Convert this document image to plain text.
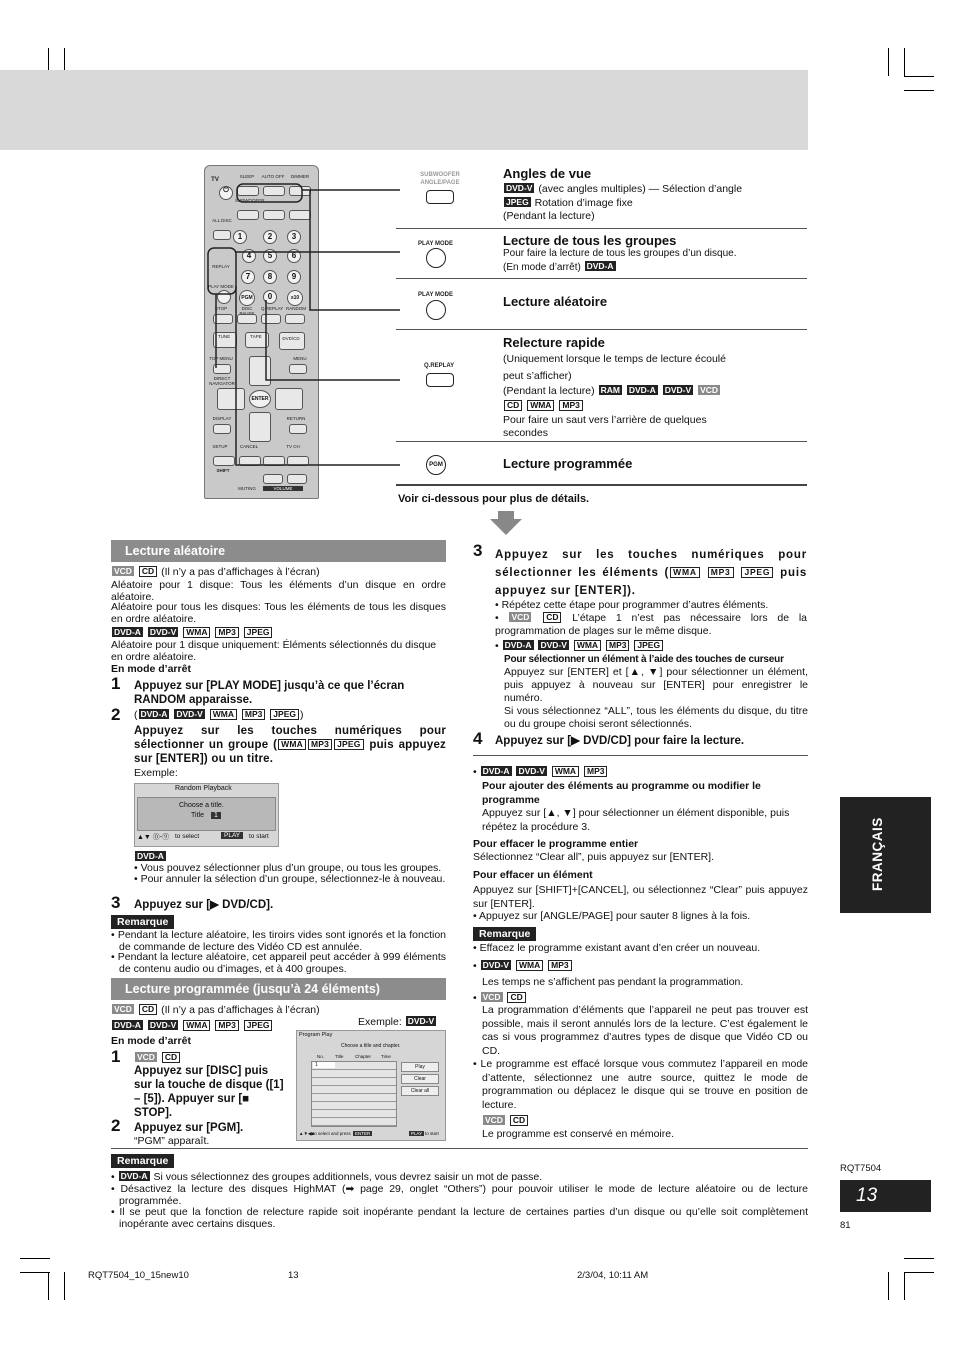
TV
⏻
SLEEP	AUTO OFF	DIMMER
SUBWOOFER
ALL DISC
1	2	3
4	5	6
REPLAY
7	8	9
PLAY MODE
PGM	0	≥10
STOP	DISC	Q.REPLAY RANDOM
DVD/CD
TUNE	TAPE
TOP MENU	MENU
DIRECT NAVIGATOR
ENTER
DISPLAY	RETURN
SETUP	CANCEL	TV CH
SHIFT
MUTING	VOLUME
SUBWOOFER
ANGLE/PAGE
Angles de vue
DVD-V (avec angles multiples) — Sélection d’angle
JPEG Rotation d’image fixe
(Pendant la lecture)
PLAY MODE	Lecture de tous les groupes
Pour faire la lecture de tous les groupes d’un disque.
(En mode d’arrêt) DVD-A
PLAY MODE	Lecture aléatoire
Q.REPLAY
Relecture rapide
(Uniquement lorsque le temps de lecture écoulé
peut s’afficher)
(Pendant la lecture) RAM DVD-A DVD-V VCD
CD WMA MP3
Pour faire un saut vers l’arrière de quelques
secondes
PGM	Lecture programmée
Voir ci-dessous pour plus de détails.
Lecture aléatoire
VCD CD (Il n’y a pas d’affichages à l’écran)
Aléatoire pour 1 disque: Tous les éléments d’un disque en ordre aléatoire.
Aléatoire pour tous les disques: Tous les éléments de tous les disques en ordre aléatoire.
DVD-A DVD-V WMA MP3 JPEG
Aléatoire pour 1 disque uniquement: Éléments sélectionnés du disque en ordre aléatoire.
En mode d’arrêt
1 Appuyez sur [PLAY MODE] jusqu’à ce que l’écran RANDOM apparaisse.
2 ( DVD-A DVD-V WMA MP3 JPEG )
Appuyez sur les touches numériques pour sélectionner un groupe ( WMA MP3 JPEG puis appuyez sur [ENTER]) ou un titre.
Exemple:
Random Playback
Choose a title.
Title	1
▲▼ ⓪-⑨ to select	PLAY	to start
DVD-A
• Vous pouvez sélectionner plus d’un groupe, ou tous les groupes.
• Pour annuler la sélection d’un groupe, sélectionnez-le à nouveau.
3 Appuyez sur [▶ DVD/CD].
Remarque
• Pendant la lecture aléatoire, les tiroirs vides sont ignorés et la fonction de commande de lecture des Vidéo CD est annulée.
• Pendant la lecture aléatoire, cet appareil peut accéder à 999 éléments de contenu audio ou d’images, et à 400 groupes.
Lecture programmée (jusqu’à 24 éléments)
VCD CD (Il n’y a pas d’affichages à l’écran)
DVD-A DVD-V WMA MP3 JPEG
En mode d’arrêt
Exemple: DVD-V
1	VCD CD
Appuyez sur [DISC] puis sur la touche de disque ([1] – [5]). Appuyer sur [■ STOP].
2 Appuyez sur [PGM].
“PGM” apparaît.
Program Play
Choose a title and chapter.
No. Title	Chapter Time
1	Play
Clear
Clear all
▲▼◀▶
to select and press ENTER	PLAY to start
3 Appuyez sur les touches numériques pour sélectionner les éléments ( WMA MP3 JPEG puis appuyez sur [ENTER]).
• Répétez cette étape pour programmer d’autres éléments.
• VCD CD L’étape 1 n’est pas nécessaire lors de la programmation de plages sur le même disque.
• DVD-A DVD-V WMA MP3 JPEG
Pour sélectionner un élément à l’aide des touches de curseur
Appuyez sur [ENTER] et [▲, ▼] pour sélectionner un élément, puis appuyez à nouveau sur [ENTER] pour enregistrer le numéro.
Si vous sélectionnez “ALL”, tous les éléments du disque, du titre ou du groupe choisi seront sélectionnés.
4 Appuyez sur [▶ DVD/CD] pour faire la lecture.
• DVD-A DVD-V WMA MP3
Pour ajouter des éléments au programme ou modifier le programme
Appuyez sur [▲, ▼] pour sélectionner un élément disponible, puis répétez la procédure 3.
Pour effacer le programme entier
Sélectionnez “Clear all”, puis appuyez sur [ENTER].
Pour effacer un élément
Appuyez sur [SHIFT]+[CANCEL], ou sélectionnez “Clear” puis appuyez sur [ENTER].
• Appuyez sur [ANGLE/PAGE] pour sauter 8 lignes à la fois.
Remarque
• Effacez le programme existant avant d’en créer un nouveau.
• DVD-V WMA MP3
Les temps ne s’affichent pas pendant la programmation.
• VCD CD
La programmation d’éléments que l’appareil ne peut pas trouver est possible, mais il seront annulés lors de la lecture. C’est également le cas si vous programmez d’autres types de disque que Vidéo CD ou CD.
• Le programme est effacé lorsque vous commutez l’appareil en mode d’attente, sélectionnez une autre source, quittez le mode de programmation ou déplacez le disque qui se trouve en position de lecture.
VCD CD
Le programme est conservé en mémoire.
Remarque
• DVD-A Si vous sélectionnez des groupes additionnels, vous devrez saisir un mot de passe.
• Désactivez la lecture des disques HighMAT (➡ page 29, onglet “Others”) pour pouvoir utiliser le mode de lecture aléatoire ou de lecture programmée.
• Il se peut que la fonction de relecture rapide soit inopérante pendant la lecture de certaines parties d’un disque ou qu’elle soit complètement inopérante avec certains disques.
FRANÇAIS
RQT7504
13
81
RQT7504_10_15new10	13	2/3/04, 10:11 AM
